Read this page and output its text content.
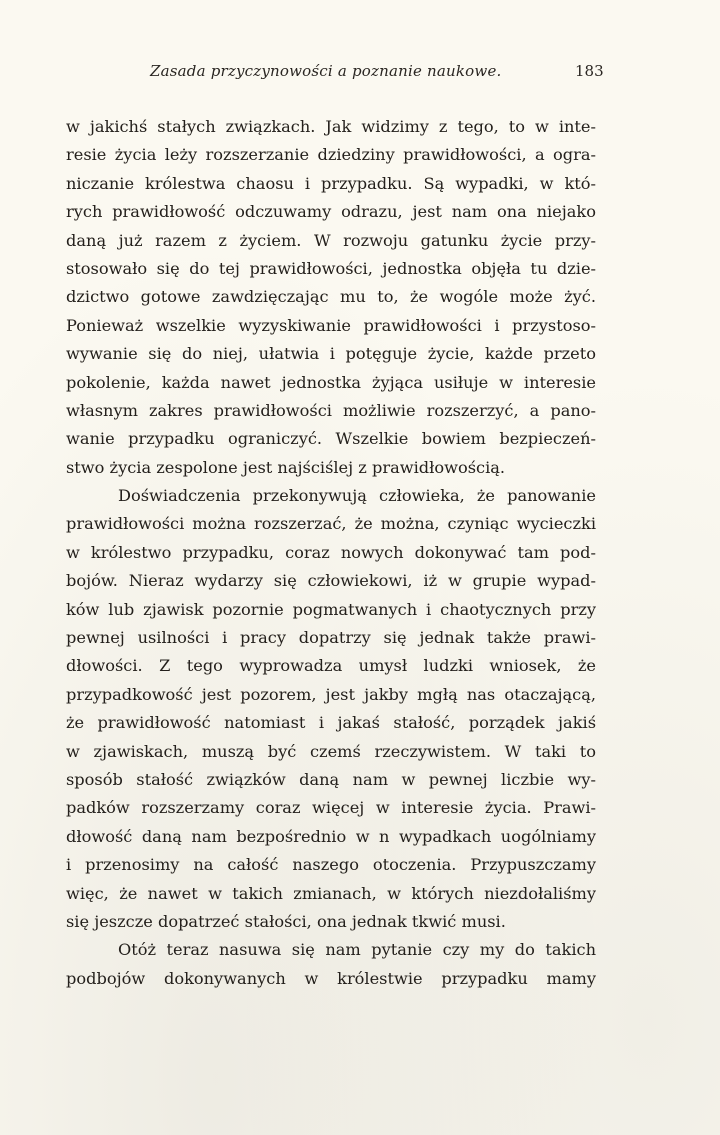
Zasada przyczynowości a poznanie naukowe.	183
w jakichś stałych związkach. Jak widzimy z tego, to w inte-
resie życia leży rozszerzanie dziedziny prawidłowości, a ogra-
niczanie królestwa chaosu i przypadku. Są wypadki, w któ-
rych prawidłowość odczuwamy odrazu, jest nam ona niejako
daną już razem z życiem. W rozwoju gatunku życie przy-
stosowało się do tej prawidłowości, jednostka objęła tu dzie-
dzictwo gotowe zawdzięczając mu to, że wogóle może żyć.
Ponieważ wszelkie wyzyskiwanie prawidłowości i przystoso-
wywanie się do niej, ułatwia i potęguje życie, każde przeto
pokolenie, każda nawet jednostka żyjąca usiłuje w interesie
własnym zakres prawidłowości możliwie rozszerzyć, a pano-
wanie przypadku ograniczyć. Wszelkie bowiem bezpieczeń-
stwo życia zespolone jest najściślej z prawidłowością.
Doświadczenia przekonywują człowieka, że panowanie
prawidłowości można rozszerzać, że można, czyniąc wycieczki
w królestwo przypadku, coraz nowych dokonywać tam pod-
bojów. Nieraz wydarzy się człowiekowi, iż w grupie wypad-
ków lub zjawisk pozornie pogmatwanych i chaotycznych przy
pewnej usilności i pracy dopatrzy się jednak także prawi-
dłowości. Z tego wyprowadza umysł ludzki wniosek, że
przypadkowość jest pozorem, jest jakby mgłą nas otaczającą,
że prawidłowość natomiast i jakaś stałość, porządek jakiś
w zjawiskach, muszą być czemś rzeczywistem. W taki to
sposób stałość związków daną nam w pewnej liczbie wy-
padków rozszerzamy coraz więcej w interesie życia. Prawi-
dłowość daną nam bezpośrednio w n wypadkach uogólniamy
i przenosimy na całość naszego otoczenia. Przypuszczamy
więc, że nawet w takich zmianach, w których niezdołaliśmy
się jeszcze dopatrzeć stałości, ona jednak tkwić musi.
Otóż teraz nasuwa się nam pytanie czy my do takich
podbojów dokonywanych w królestwie przypadku mamy
